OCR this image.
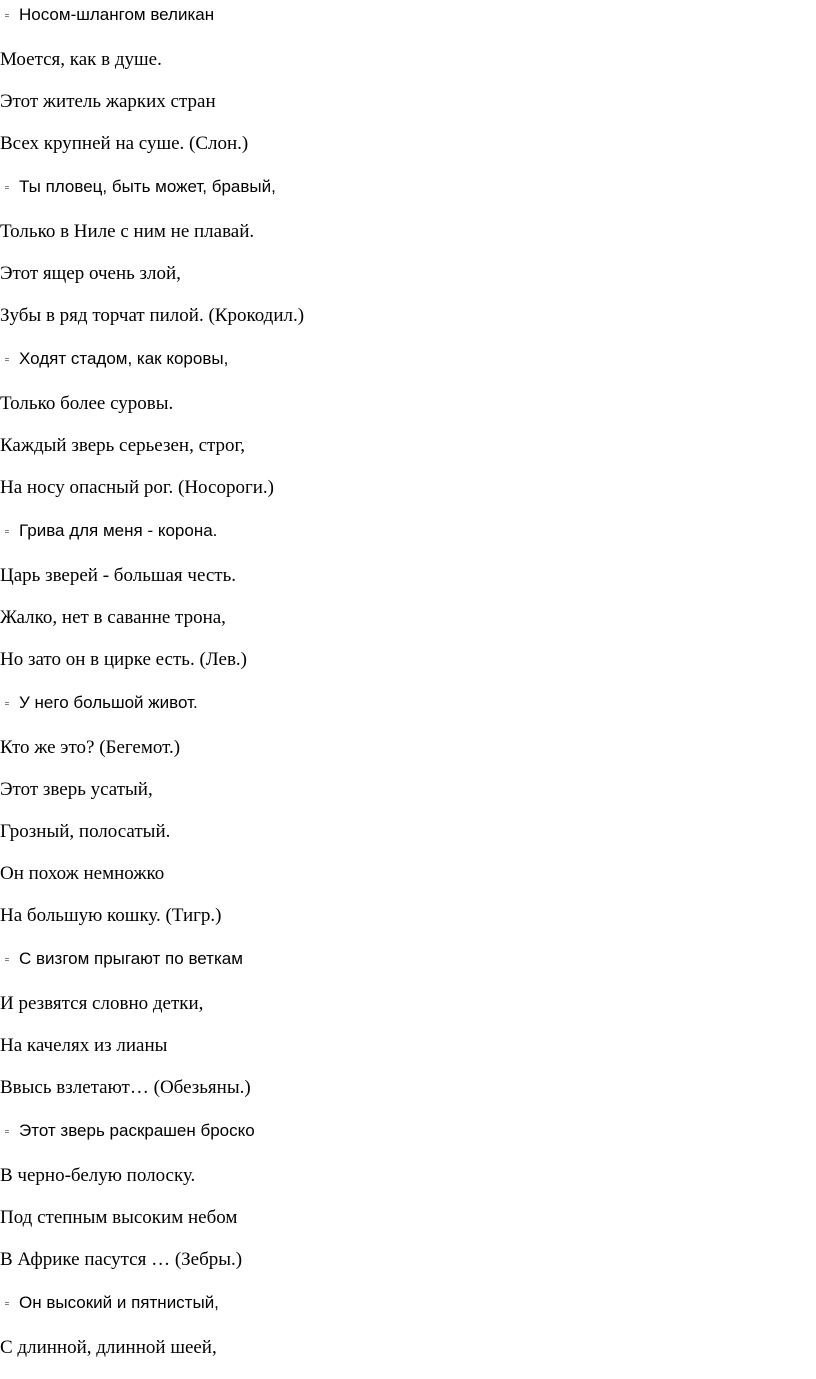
= Носом-шлангом великан
Моется, как в душе.
Этот житель жарких стран
Всех крупней на суше. (Слон.)
= Ты пловец, быть может, бравый,
Только в Ниле с ним не плавай.
Этот ящер очень злой,
Зубы в ряд торчат пилой. (Крокодил.)
= Ходят стадом, как коровы,
Только более суровы.
Каждый зверь серьезен, строг,
На носу опасный рог. (Носороги.)
= Грива для меня - корона.
Царь зверей - большая честь.
Жалко, нет в саванне трона,
Но зато он в цирке есть. (Лев.)
= У него большой живот.
Кто же это? (Бегемот.)
Этот зверь усатый,
Грозный, полосатый.
Он похож немножко
На большую кошку. (Тигр.)
= С визгом прыгают по веткам
И резвятся словно детки,
На качелях из лианы
Ввысь взлетают… (Обезьяны.)
= Этот зверь раскрашен броско
В черно-белую полоску.
Под степным высоким небом
В Африке пасутся … (Зебры.)
= Он высокий и пятнистый,
С длинной, длинной шеей,
